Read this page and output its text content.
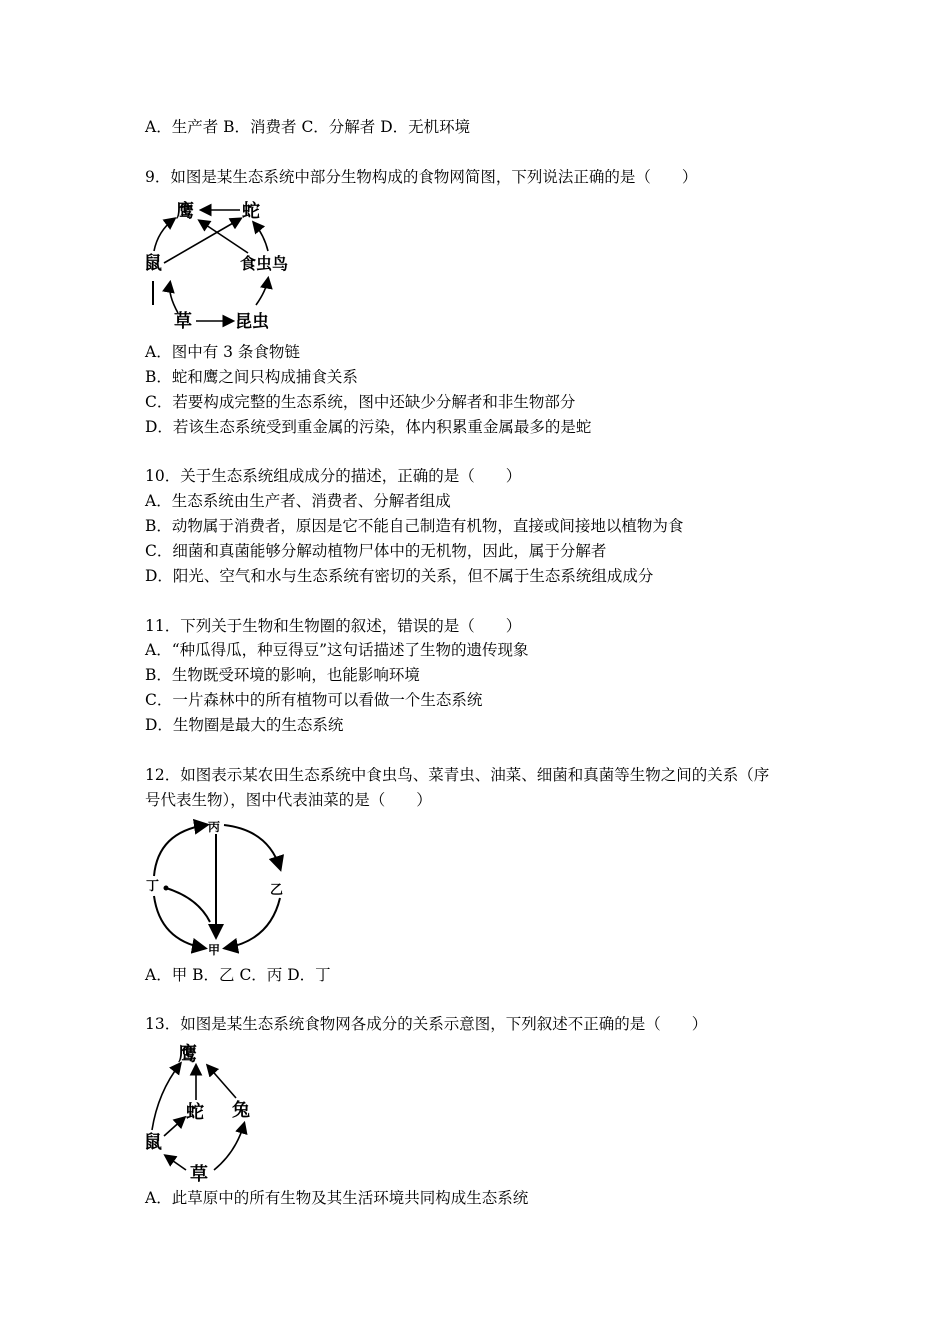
A．生产者 B．消费者 C．分解者 D．无机环境
9．如图是某生态系统中部分生物构成的食物网简图，下列说法正确的是（　　）
鹰	蛇
鼠	食虫鸟
草	昆虫
A．图中有 3 条食物链
B．蛇和鹰之间只构成捕食关系
C．若要构成完整的生态系统，图中还缺少分解者和非生物部分
D．若该生态系统受到重金属的污染，体内积累重金属最多的是蛇
10．关于生态系统组成成分的描述，正确的是（　　）
A．生态系统由生产者、消费者、分解者组成
B．动物属于消费者，原因是它不能自己制造有机物，直接或间接地以植物为食
C．细菌和真菌能够分解动植物尸体中的无机物，因此，属于分解者
D．阳光、空气和水与生态系统有密切的关系，但不属于生态系统组成成分
11．下列关于生物和生物圈的叙述，错误的是（　　）
A．“种瓜得瓜，种豆得豆”这句话描述了生物的遗传现象
B．生物既受环境的影响，也能影响环境
C．一片森林中的所有植物可以看做一个生态系统
D．生物圈是最大的生态系统
12．如图表示某农田生态系统中食虫鸟、菜青虫、油菜、细菌和真菌等生物之间的关系（序
号代表生物），图中代表油菜的是（　　）
丙
乙
甲
丁
A．甲 B．乙 C．丙 D．丁
13．如图是某生态系统食物网各成分的关系示意图，下列叙述不正确的是（　　）
鹰
蛇 兔
鼠
草
A．此草原中的所有生物及其生活环境共同构成生态系统
